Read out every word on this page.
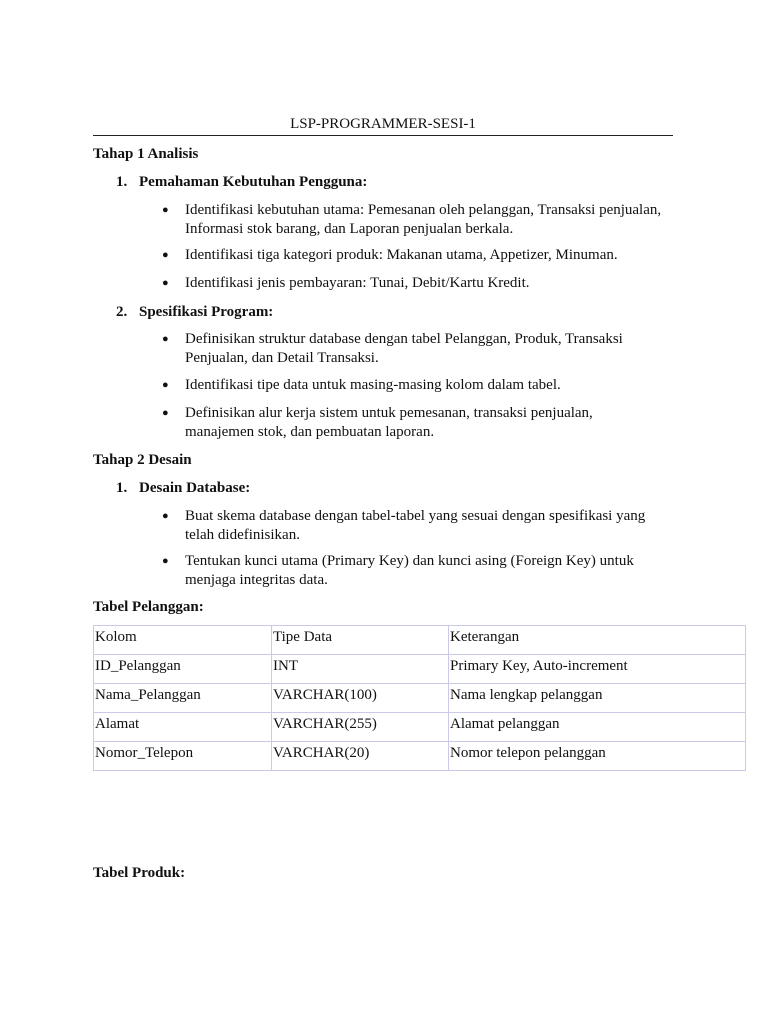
LSP-PROGRAMMER-SESI-1
Tahap 1 Analisis
1. Pemahaman Kebutuhan Pengguna:
●	Identifikasi kebutuhan utama: Pemesanan oleh pelanggan, Transaksi penjualan, Informasi stok barang, dan Laporan penjualan berkala.
●	Identifikasi tiga kategori produk: Makanan utama, Appetizer, Minuman.
●	Identifikasi jenis pembayaran: Tunai, Debit/Kartu Kredit.
2. Spesifikasi Program:
●	Definisikan struktur database dengan tabel Pelanggan, Produk, Transaksi Penjualan, dan Detail Transaksi.
●	Identifikasi tipe data untuk masing-masing kolom dalam tabel.
●	Definisikan alur kerja sistem untuk pemesanan, transaksi penjualan, manajemen stok, dan pembuatan laporan.
Tahap 2 Desain
1. Desain Database:
●	Buat skema database dengan tabel-tabel yang sesuai dengan spesifikasi yang telah didefinisikan.
●	Tentukan kunci utama (Primary Key) dan kunci asing (Foreign Key) untuk menjaga integritas data.
Tabel Pelanggan:
Kolom	Tipe Data	Keterangan
ID_Pelanggan	INT	Primary Key, Auto-increment
Nama_Pelanggan	VARCHAR(100)	Nama lengkap pelanggan
Alamat	VARCHAR(255)	Alamat pelanggan
Nomor_Telepon	VARCHAR(20)	Nomor telepon pelanggan
Tabel Produk:
